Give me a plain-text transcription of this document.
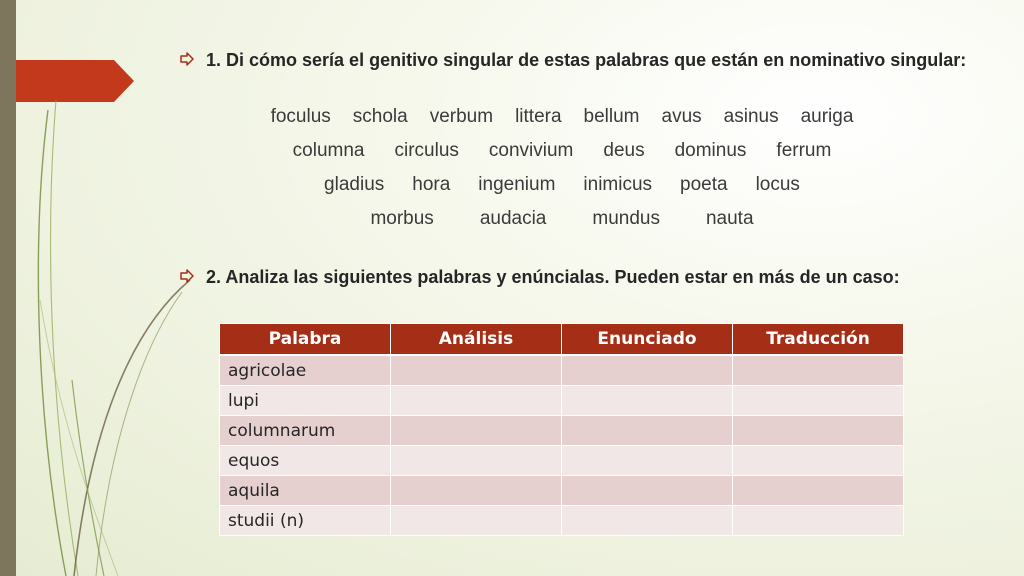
1. Di cómo sería el genitivo singular de estas palabras que están en nominativo singular:
foculus schola verbum littera bellum avus asinus auriga
columna circulus convivium deus dominus ferrum
gladius hora ingenium inimicus poeta locus
morbus audacia mundus nauta
2. Analiza las siguientes palabras y enúncialas. Pueden estar en más de un caso:
Palabra	Análisis	Enunciado	Traducción
agricolae			
lupi			
columnarum			
equos			
aquila			
studii (n)			
